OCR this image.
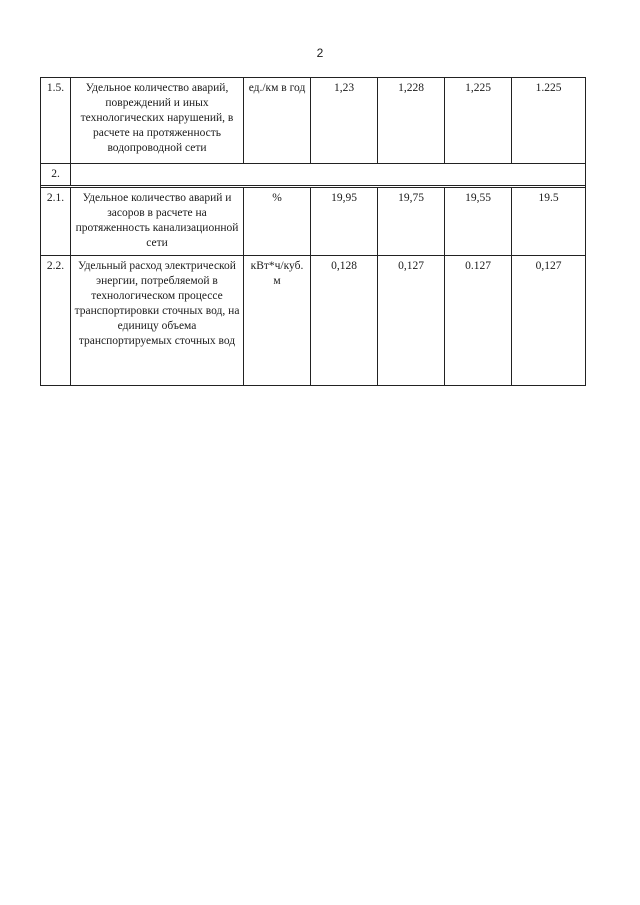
2
1.5.	Удельное количество аварий, повреждений и иных технологических нарушений, в расчете на протяженность водопроводной сети	ед./км в год	1,23	1,228	1,225	1.225
2.						

2.1.	Удельное количество аварий и засоров в расчете на протяженность канализационной сети	%	19,95	19,75	19,55	19.5
2.2.	Удельный расход электрической энергии, потребляемой в технологическом процессе транспортировки сточных вод, на единицу объема транспортируемых сточных вод	кВт*ч/куб. м	0,128	0,127	0.127	0,127
